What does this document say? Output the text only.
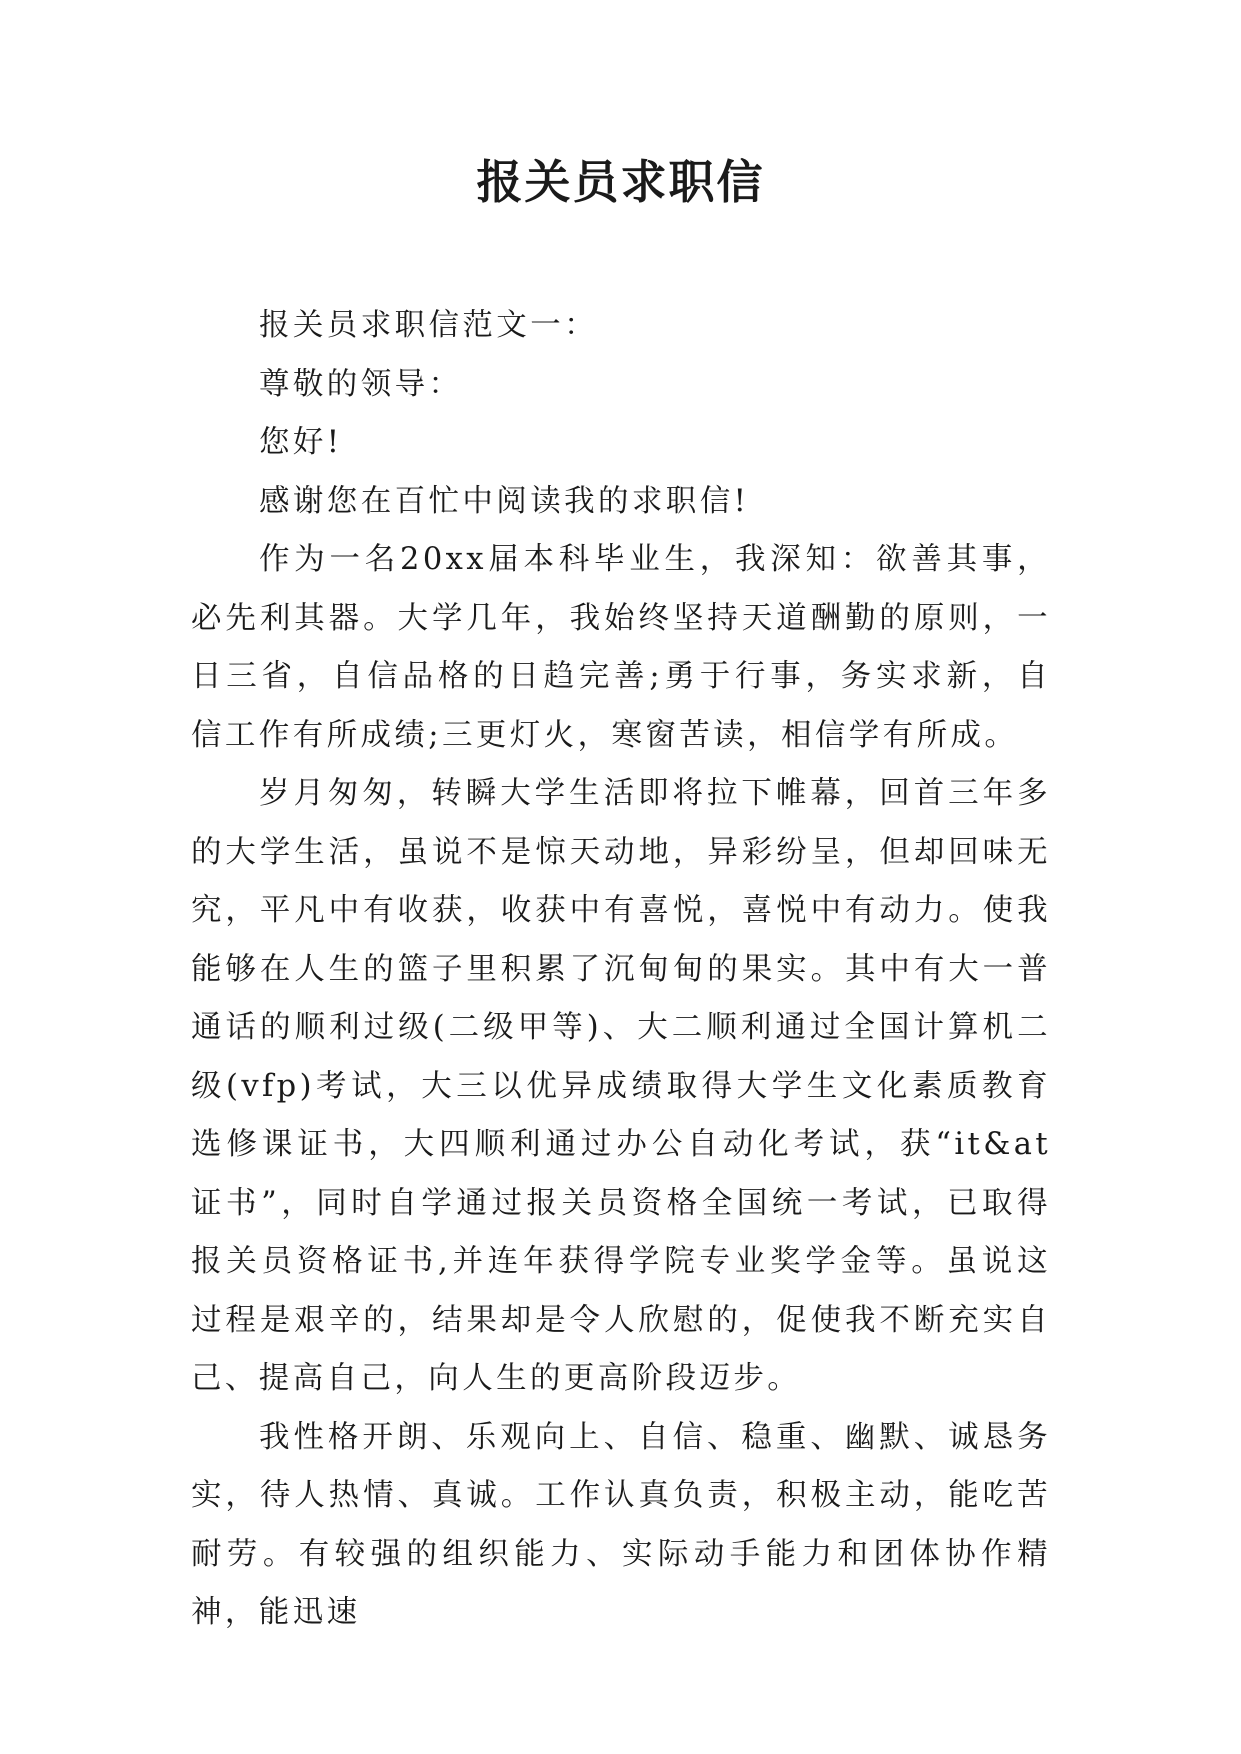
报关员求职信

报关员求职信范文一：

尊敬的领导：

您好!

感谢您在百忙中阅读我的求职信!

作为一名20xx届本科毕业生，我深知：欲善其事，必先利其器。大学几年，我始终坚持天道酬勤的原则，一日三省，自信品格的日趋完善;勇于行事，务实求新，自信工作有所成绩;三更灯火，寒窗苦读，相信学有所成。

岁月匆匆，转瞬大学生活即将拉下帷幕，回首三年多的大学生活，虽说不是惊天动地，异彩纷呈，但却回味无究，平凡中有收获，收获中有喜悦，喜悦中有动力。使我能够在人生的篮子里积累了沉甸甸的果实。其中有大一普通话的顺利过级(二级甲等)、大二顺利通过全国计算机二级(vfp)考试，大三以优异成绩取得大学生文化素质教育选修课证书，大四顺利通过办公自动化考试，获“it&at证书”，同时自学通过报关员资格全国统一考试，已取得报关员资格证书,并连年获得学院专业奖学金等。虽说这过程是艰辛的，结果却是令人欣慰的，促使我不断充实自己、提高自己，向人生的更高阶段迈步。

我性格开朗、乐观向上、自信、稳重、幽默、诚恳务实，待人热情、真诚。工作认真负责，积极主动，能吃苦耐劳。有较强的组织能力、实际动手能力和团体协作精神，能迅速
